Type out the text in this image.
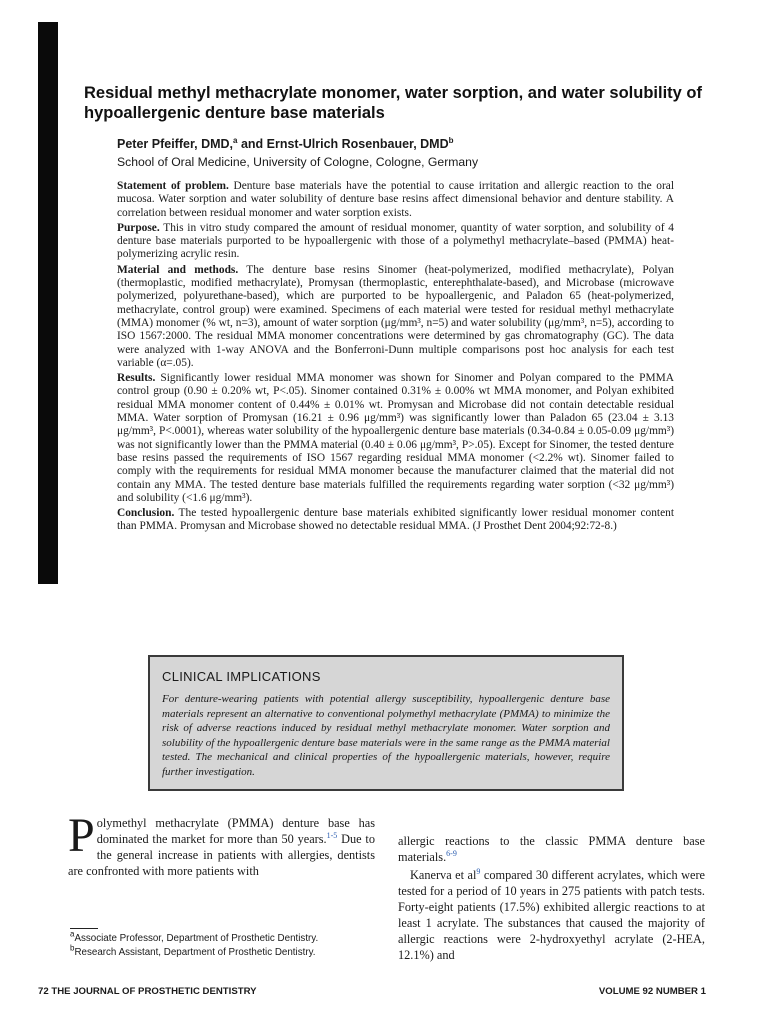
Residual methyl methacrylate monomer, water sorption, and water solubility of hypoallergenic denture base materials
Peter Pfeiffer, DMD,$^a$ and Ernst-Ulrich Rosenbauer, DMD$^b$
School of Oral Medicine, University of Cologne, Cologne, Germany

Statement of problem. Denture base materials have the potential to cause irritation and allergic reaction to the oral mucosa. Water sorption and water solubility of denture base resins affect dimensional behavior and denture stability. A correlation between residual monomer and water sorption exists.

Purpose. This in vitro study compared the amount of residual monomer, quantity of water sorption, and solubility of 4 denture base materials purported to be hypoallergenic with those of a polymethyl methacrylate–based (PMMA) heat-polymerizing acrylic resin.

Material and methods. The denture base resins Sinomer (heat-polymerized, modified methacrylate), Polyan (thermoplastic, modified methacrylate), Promysan (thermoplastic, enterephthalate-based), and Microbase (microwave polymerized, polyurethane-based), which are purported to be hypoallergenic, and Paladon 65 (heat-polymerized, methacrylate, control group) were examined. Specimens of each material were tested for residual methyl methacrylate (MMA) monomer (% wt, n=3), amount of water sorption (μg/mm³, n=5) and water solubility (μg/mm³, n=5), according to ISO 1567:2000. The residual MMA monomer concentrations were determined by gas chromatography (GC). The data were analyzed with 1-way ANOVA and the Bonferroni-Dunn multiple comparisons post hoc analysis for each test variable (α=.05).

Results. Significantly lower residual MMA monomer was shown for Sinomer and Polyan compared to the PMMA control group (0.90 ± 0.20% wt, P<.05). Sinomer contained 0.31% ± 0.00% wt MMA monomer, and Polyan exhibited residual MMA monomer content of 0.44% ± 0.01% wt. Promysan and Microbase did not contain detectable residual MMA. Water sorption of Promysan (16.21 ± 0.96 μg/mm³) was significantly lower than Paladon 65 (23.04 ± 3.13 μg/mm³, P<.0001), whereas water solubility of the hypoallergenic denture base materials (0.34-0.84 ± 0.05-0.09 μg/mm³) was not significantly lower than the PMMA material (0.40 ± 0.06 μg/mm³, P>.05). Except for Sinomer, the tested denture base resins passed the requirements of ISO 1567 regarding residual MMA monomer (<2.2% wt). Sinomer failed to comply with the requirements for residual MMA monomer because the manufacturer claimed that the material did not contain any MMA. The tested denture base materials fulfilled the requirements regarding water sorption (<32 μg/mm³) and solubility (<1.6 μg/mm³).

Conclusion. The tested hypoallergenic denture base materials exhibited significantly lower residual monomer content than PMMA. Promysan and Microbase showed no detectable residual MMA. (J Prosthet Dent 2004;92:72-8.)

CLINICAL IMPLICATIONS

For denture-wearing patients with potential allergy susceptibility, hypoallergenic denture base materials represent an alternative to conventional polymethyl methacrylate (PMMA) to minimize the risk of adverse reactions induced by residual methyl methacrylate monomer. Water sorption and solubility of the hypoallergenic denture base materials were in the same range as the PMMA material tested. The mechanical and clinical properties of the hypoallergenic materials, however, require further investigation.

Polymethyl methacrylate (PMMA) denture base has dominated the market for more than 50 years.$^{1-5}$ Due to the general increase in patients with allergies, dentists are confronted with more patients with

allergic reactions to the classic PMMA denture base materials.$^{6-9}$

Kanerva et al$^9$ compared 30 different acrylates, which were tested for a period of 10 years in 275 patients with patch tests. Forty-eight patients (17.5%) exhibited allergic reactions to at least 1 acrylate. The substances that caused the majority of allergic reactions were 2-hydroxyethyl acrylate (2-HEA, 12.1%) and

$^a$Associate Professor, Department of Prosthetic Dentistry.
$^b$Research Assistant, Department of Prosthetic Dentistry.
72 THE JOURNAL OF PROSTHETIC DENTISTRY	VOLUME 92 NUMBER 1
